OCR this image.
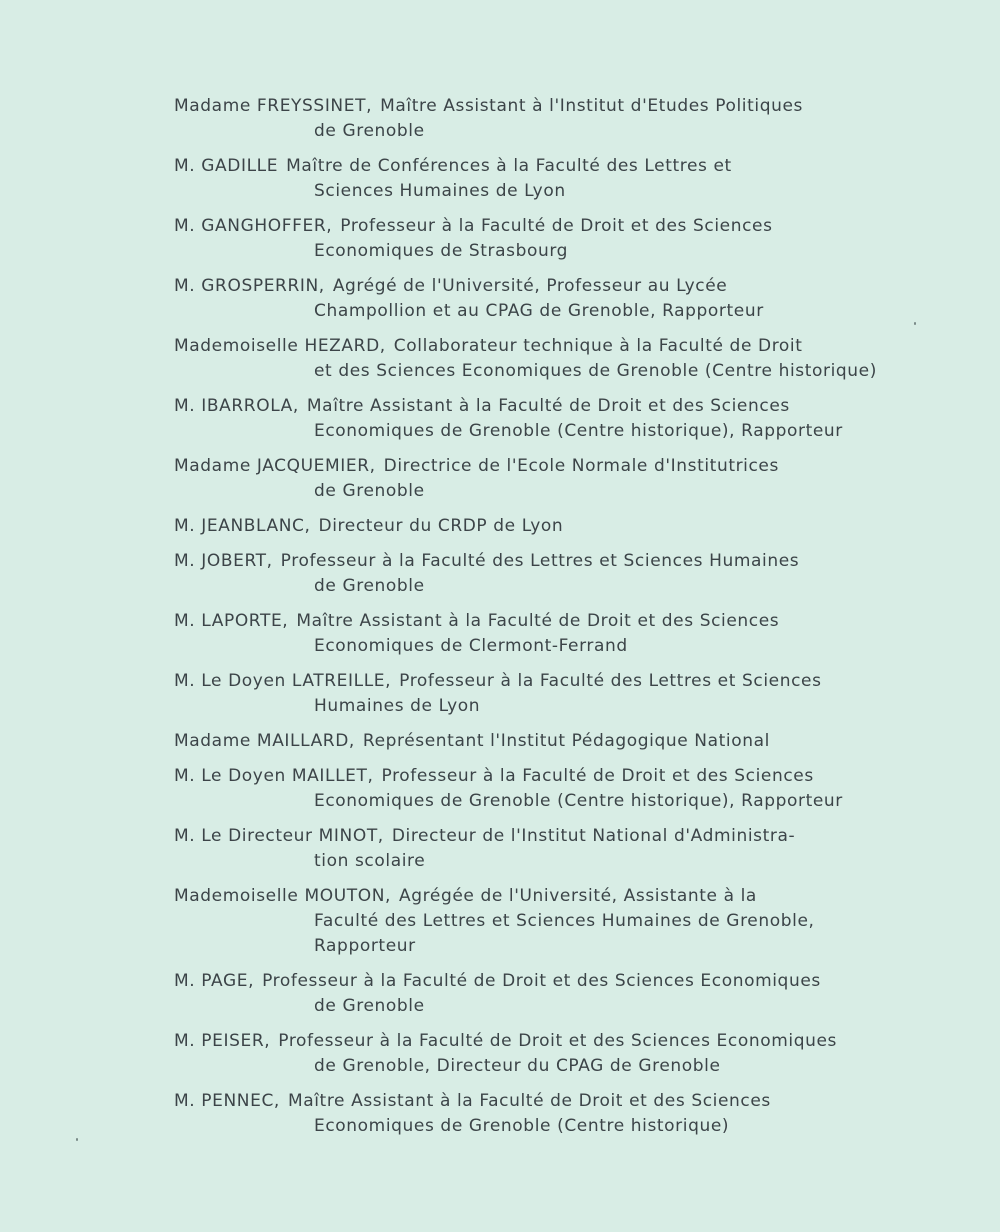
Madame FREYSSINET, Maître Assistant à l'Institut d'Etudes Politiques
de Grenoble
M. GADILLE Maître de Conférences à la Faculté des Lettres et
Sciences Humaines de Lyon
M. GANGHOFFER, Professeur à la Faculté de Droit et des Sciences
Economiques de Strasbourg
M. GROSPERRIN, Agrégé de l'Université, Professeur au Lycée
Champollion et au CPAG de Grenoble, Rapporteur
Mademoiselle HEZARD, Collaborateur technique à la Faculté de Droit
et des Sciences Economiques de Grenoble (Centre historique)
M. IBARROLA, Maître Assistant à la Faculté de Droit et des Sciences
Economiques de Grenoble (Centre historique), Rapporteur
Madame JACQUEMIER, Directrice de l'Ecole Normale d'Institutrices
de Grenoble
M. JEANBLANC, Directeur du CRDP de Lyon
M. JOBERT, Professeur à la Faculté des Lettres et Sciences Humaines
de Grenoble
M. LAPORTE, Maître Assistant à la Faculté de Droit et des Sciences
Economiques de Clermont-Ferrand
M. Le Doyen LATREILLE, Professeur à la Faculté des Lettres et Sciences
Humaines de Lyon
Madame MAILLARD, Représentant l'Institut Pédagogique National
M. Le Doyen MAILLET, Professeur à la Faculté de Droit et des Sciences
Economiques de Grenoble (Centre historique), Rapporteur
M. Le Directeur MINOT, Directeur de l'Institut National d'Administra-
tion scolaire
Mademoiselle MOUTON, Agrégée de l'Université, Assistante à la
Faculté des Lettres et Sciences Humaines de Grenoble,
Rapporteur
M. PAGE, Professeur à la Faculté de Droit et des Sciences Economiques
de Grenoble
M. PEISER, Professeur à la Faculté de Droit et des Sciences Economiques
de Grenoble, Directeur du CPAG de Grenoble
M. PENNEC, Maître Assistant à la Faculté de Droit et des Sciences
Economiques de Grenoble (Centre historique)
